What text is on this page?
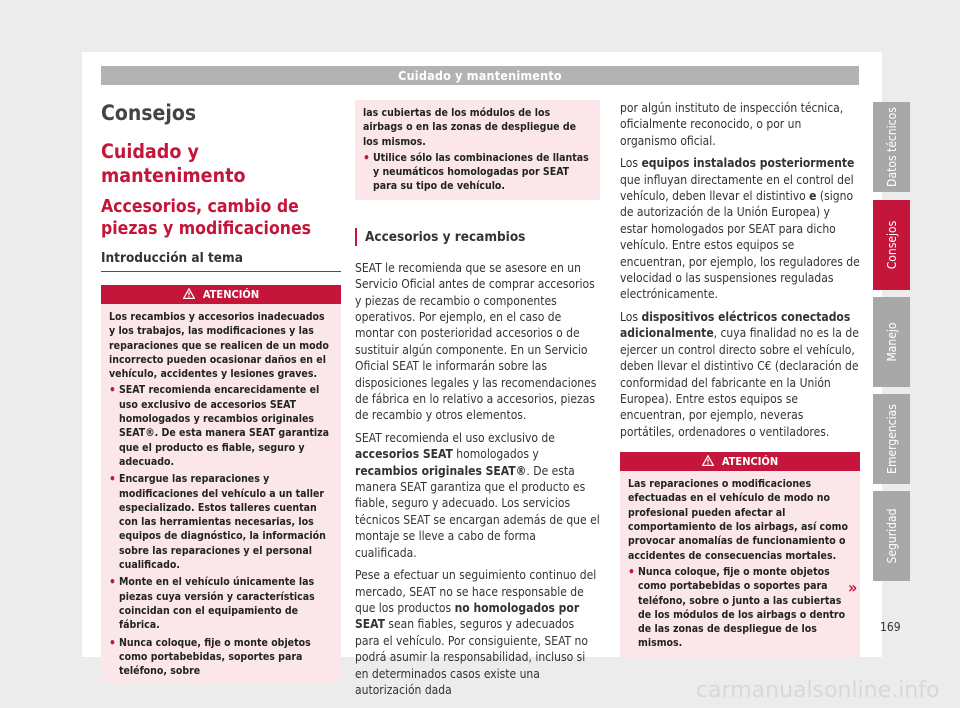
Cuidado y mantenimento
Consejos
Cuidado y mantenimento
Accesorios, cambio de piezas y modificaciones
Introducción al tema
ATENCIÓN

Los recambios y accesorios inadecuados y los trabajos, las modificaciones y las reparaciones que se realicen de un modo incorrecto pueden ocasionar daños en el vehículo, accidentes y lesiones graves.

• SEAT recomienda encarecidamente el uso exclusivo de accesorios SEAT homologados y recambios originales SEAT®. De esta manera SEAT garantiza que el producto es fiable, seguro y adecuado.
• Encargue las reparaciones y modificaciones del vehículo a un taller especializado. Estos talleres cuentan con las herramientas necesarias, los equipos de diagnóstico, la información sobre las reparaciones y el personal cualificado.
• Monte en el vehículo únicamente las piezas cuya versión y características coincidan con el equipamiento de fábrica.
• Nunca coloque, fije o monte objetos como portabebidas, soportes para teléfono, sobre

las cubiertas de los módulos de los airbags o en las zonas de despliegue de los mismos.

• Utilice sólo las combinaciones de llantas y neumáticos homologadas por SEAT para su tipo de vehículo.
Accesorios y recambios

SEAT le recomienda que se asesore en un Servicio Oficial antes de comprar accesorios y piezas de recambio o componentes operativos. Por ejemplo, en el caso de montar con posterioridad accesorios o de sustituir algún componente. En un Servicio Oficial SEAT le informarán sobre las disposiciones legales y las recomendaciones de fábrica en lo relativo a accesorios, piezas de recambio y otros elementos.

SEAT recomienda el uso exclusivo de accesorios SEAT homologados y recambios originales SEAT®. De esta manera SEAT garantiza que el producto es fiable, seguro y adecuado. Los servicios técnicos SEAT se encargan además de que el montaje se lleve a cabo de forma cualificada.

Pese a efectuar un seguimiento continuo del mercado, SEAT no se hace responsable de que los productos no homologados por SEAT sean fiables, seguros y adecuados para el vehículo. Por consiguiente, SEAT no podrá asumir la responsabilidad, incluso si en determinados casos existe una autorización dada

por algún instituto de inspección técnica, oficialmente reconocido, o por un organismo oficial.

Los equipos instalados posteriormente que influyan directamente en el control del vehículo, deben llevar el distintivo e (signo de autorización de la Unión Europea) y estar homologados por SEAT para dicho vehículo. Entre estos equipos se encuentran, por ejemplo, los reguladores de velocidad o las suspensiones reguladas electrónicamente.

Los dispositivos eléctricos conectados adicionalmente, cuya finalidad no es la de ejercer un control directo sobre el vehículo, deben llevar el distintivo C€ (declaración de conformidad del fabricante en la Unión Europea). Entre estos equipos se encuentran, por ejemplo, neveras portátiles, ordenadores o ventiladores.

ATENCIÓN

Las reparaciones o modificaciones efectuadas en el vehículo de modo no profesional pueden afectar al comportamiento de los airbags, así como provocar anomalías de funcionamiento o accidentes de consecuencias mortales.

• Nunca coloque, fije o monte objetos como portabebidas o soportes para teléfono, sobre o junto a las cubiertas de los módulos de los airbags o dentro de las zonas de despliegue de los mismos.
»
Datos técnicos
Consejos
Manejo
Emergencias
Seguridad
169
carmanualsonline.info
